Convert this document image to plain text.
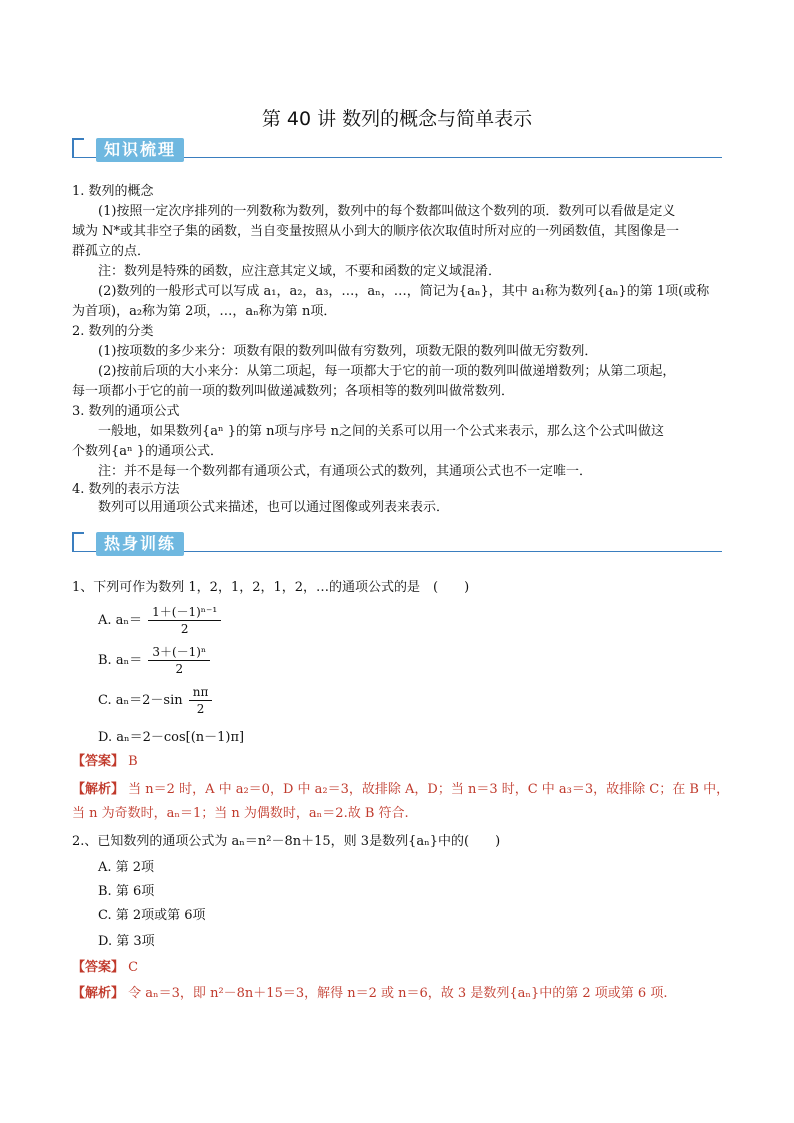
第 40 讲 数列的概念与简单表示
知识梳理
1. 数列的概念
(1)按照一定次序排列的一列数称为数列，数列中的每个数都叫做这个数列的项．数列可以看做是定义
域为 N*或其非空子集的函数，当自变量按照从小到大的顺序依次取值时所对应的一列函数值，其图像是一
群孤立的点．
注：数列是特殊的函数，应注意其定义域，不要和函数的定义域混淆．
(2)数列的一般形式可以写成 a₁，a₂，a₃，…，aₙ，…，简记为{aₙ}，其中 a₁称为数列{aₙ}的第 1项(或称
为首项)，a₂称为第 2项，…，aₙ称为第 n项．
2. 数列的分类
(1)按项数的多少来分：项数有限的数列叫做有穷数列，项数无限的数列叫做无穷数列．
(2)按前后项的大小来分：从第二项起，每一项都大于它的前一项的数列叫做递增数列；从第二项起，
每一项都小于它的前一项的数列叫做递减数列；各项相等的数列叫做常数列．
3. 数列的通项公式
一般地，如果数列{aⁿ }的第 n项与序号 n之间的关系可以用一个公式来表示，那么这个公式叫做这
个数列{aⁿ }的通项公式．
注：并不是每一个数列都有通项公式，有通项公式的数列，其通项公式也不一定唯一．
4. 数列的表示方法
数列可以用通项公式来描述，也可以通过图像或列表来表示．
热身训练
1、下列可作为数列 1，2，1，2，1，2，…的通项公式的是　(　　)
A. $a_n= \frac{\text{1＋(－1)ⁿ⁻¹}}{2}$
B. $a_n= \frac{\text{3＋(－1)ⁿ}}{2}$
C. $a_n=2-\sin \frac{n\pi}{2}$
D. aₙ＝2－cos[(n－1)π]
【答案】 B
【解析】 当 n＝2 时，A 中 a₂＝0，D 中 a₂＝3，故排除 A，D；当 n＝3 时，C 中 a₃＝3，故排除 C；在 B 中，
当 n 为奇数时，aₙ＝1；当 n 为偶数时，aₙ＝2.故 B 符合.
2.、已知数列的通项公式为 aₙ＝n²－8n＋15，则 3是数列{aₙ}中的(　　)
A. 第 2项
B. 第 6项
C. 第 2项或第 6项
D. 第 3项
【答案】 C
【解析】 令 aₙ＝3，即 n²－8n＋15＝3，解得 n＝2 或 n＝6，故 3 是数列{aₙ}中的第 2 项或第 6 项.
